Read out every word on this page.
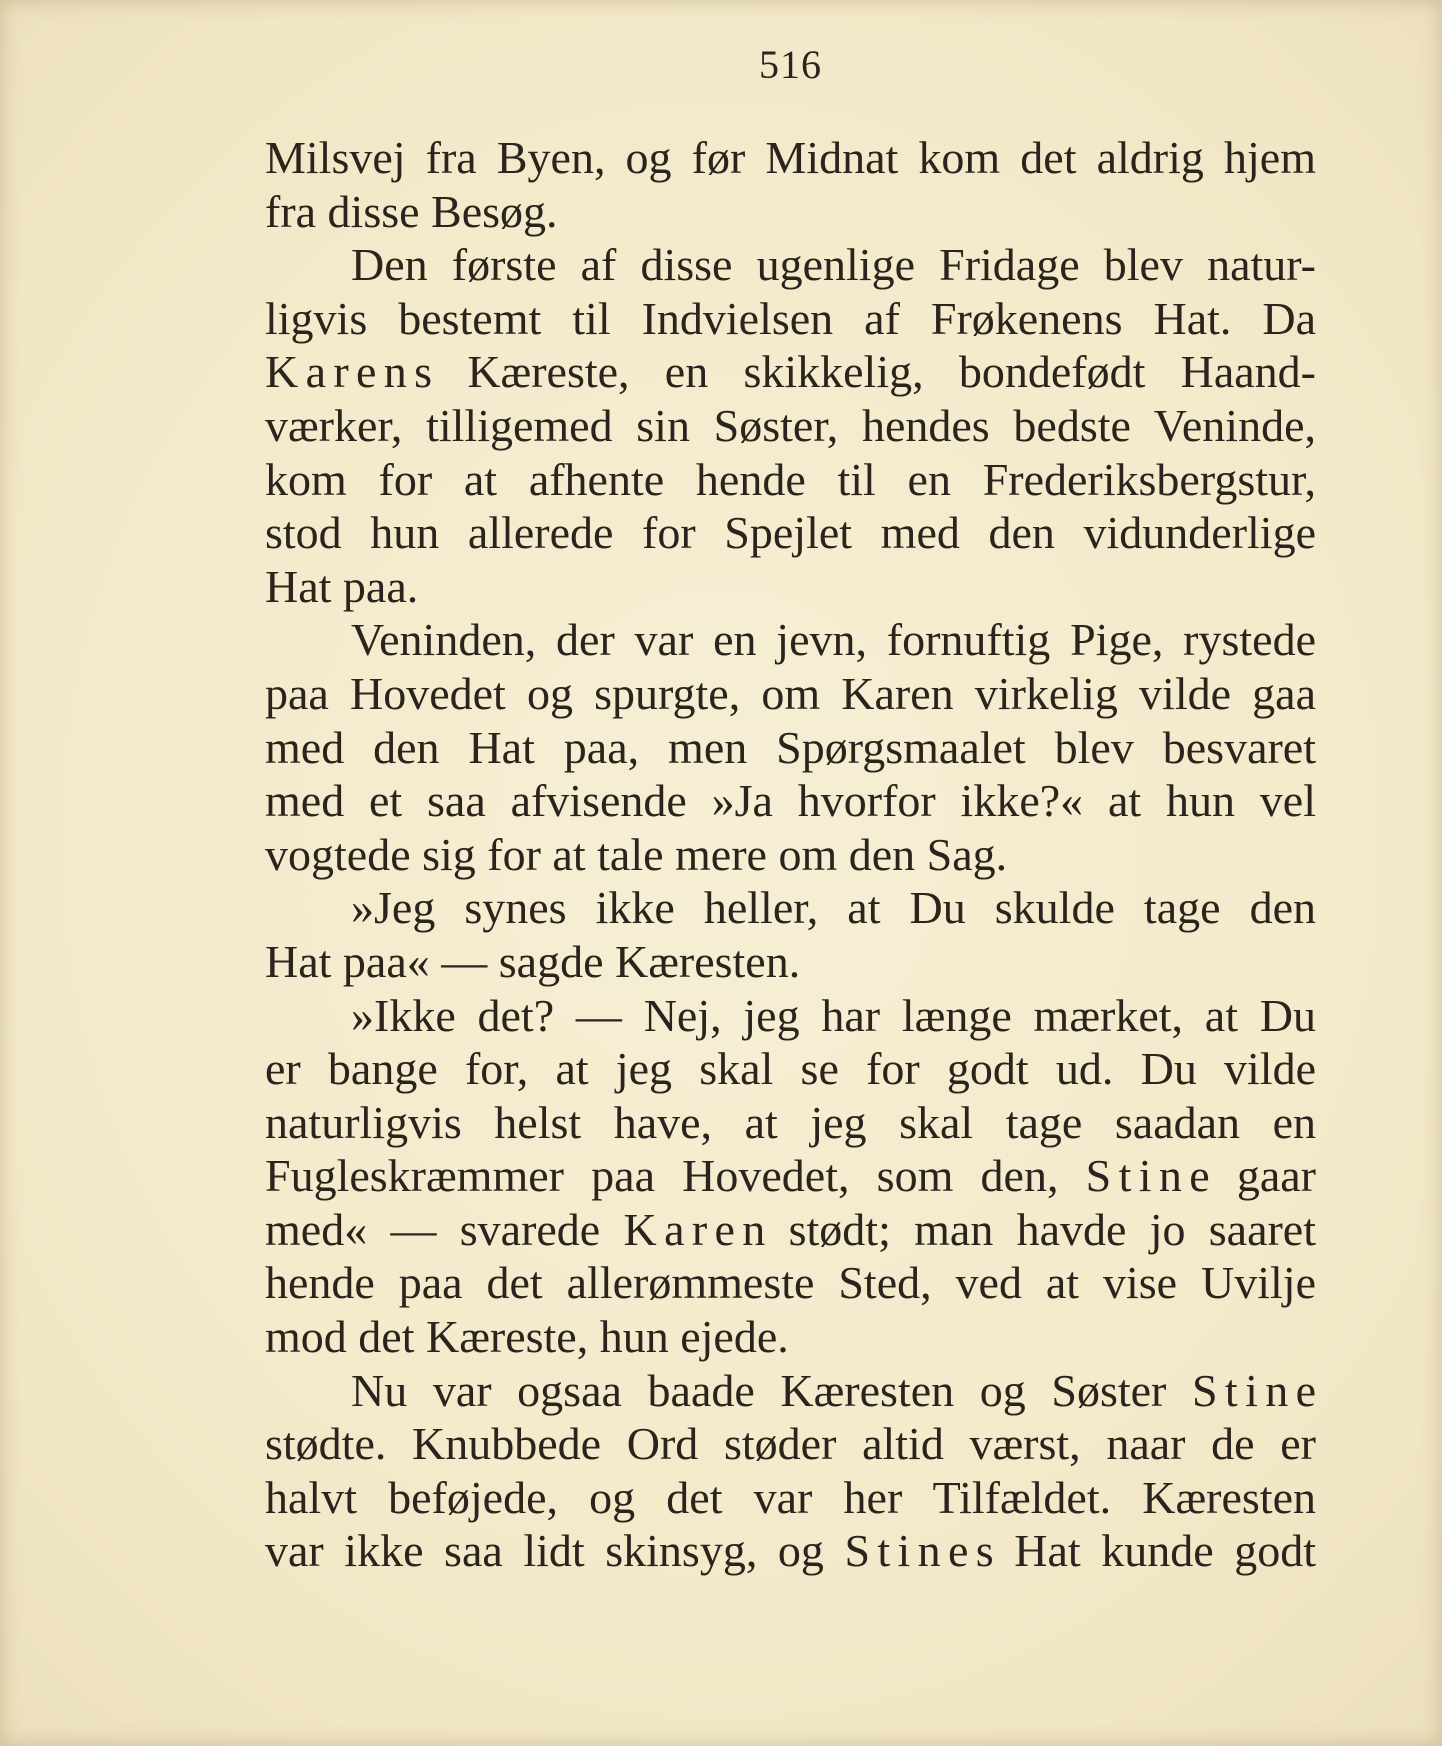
516
Milsvej fra Byen, og før Midnat kom det aldrig hjem
fra disse Besøg.
Den første af disse ugenlige Fridage blev natur-
ligvis bestemt til Indvielsen af Frøkenens Hat. Da
Karens Kæreste, en skikkelig, bondefødt Haand-
værker, tilligemed sin Søster, hendes bedste Veninde,
kom for at afhente hende til en Frederiksbergstur,
stod hun allerede for Spejlet med den vidunderlige
Hat paa.
Veninden, der var en jevn, fornuftig Pige, rystede
paa Hovedet og spurgte, om Karen virkelig vilde gaa
med den Hat paa, men Spørgsmaalet blev besvaret
med et saa afvisende »Ja hvorfor ikke?« at hun vel
vogtede sig for at tale mere om den Sag.
»Jeg synes ikke heller, at Du skulde tage den
Hat paa« — sagde Kæresten.
»Ikke det? — Nej, jeg har længe mærket, at Du
er bange for, at jeg skal se for godt ud. Du vilde
naturligvis helst have, at jeg skal tage saadan en
Fugleskræmmer paa Hovedet, som den, Stine gaar
med« — svarede Karen stødt; man havde jo saaret
hende paa det allerømmeste Sted, ved at vise Uvilje
mod det Kæreste, hun ejede.
Nu var ogsaa baade Kæresten og Søster Stine
stødte. Knubbede Ord støder altid værst, naar de er
halvt beføjede, og det var her Tilfældet. Kæresten
var ikke saa lidt skinsyg, og Stines Hat kunde godt
